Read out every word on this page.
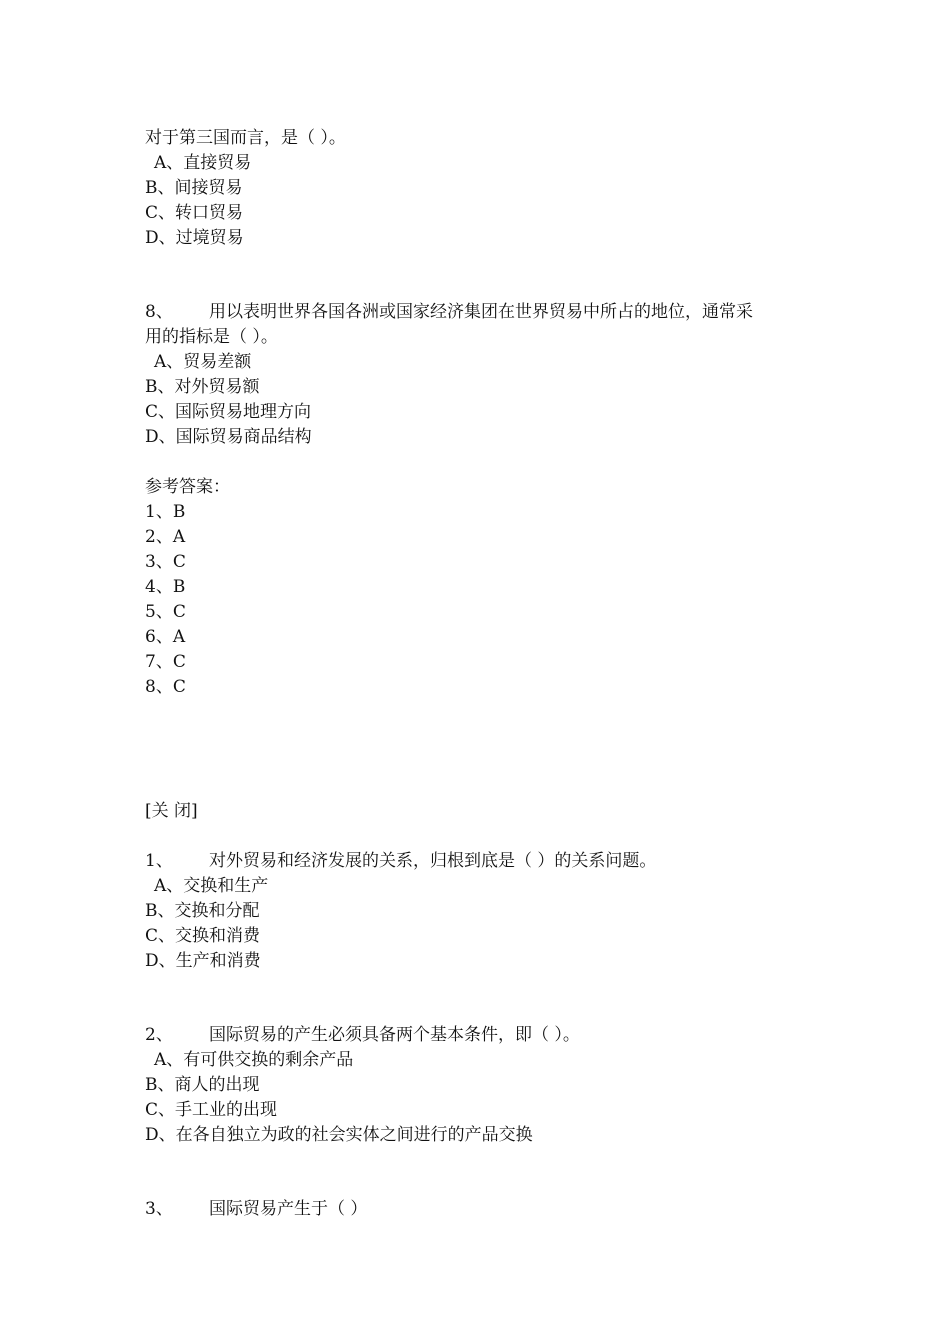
对于第三国而言，是（ ）。
A、直接贸易
B、间接贸易
C、转口贸易
D、过境贸易
8、 用以表明世界各国各洲或国家经济集团在世界贸易中所占的地位，通常采
用的指标是（ ）。
A、贸易差额
B、对外贸易额
C、国际贸易地理方向
D、国际贸易商品结构
参考答案：
1、B
2、A
3、C
4、B
5、C
6、A
7、C
8、C
[关 闭]
1、 对外贸易和经济发展的关系，归根到底是（ ）的关系问题。
A、交换和生产
B、交换和分配
C、交换和消费
D、生产和消费
2、 国际贸易的产生必须具备两个基本条件，即（ ）。
A、有可供交换的剩余产品
B、商人的出现
C、手工业的出现
D、在各自独立为政的社会实体之间进行的产品交换
3、 国际贸易产生于（ ）
